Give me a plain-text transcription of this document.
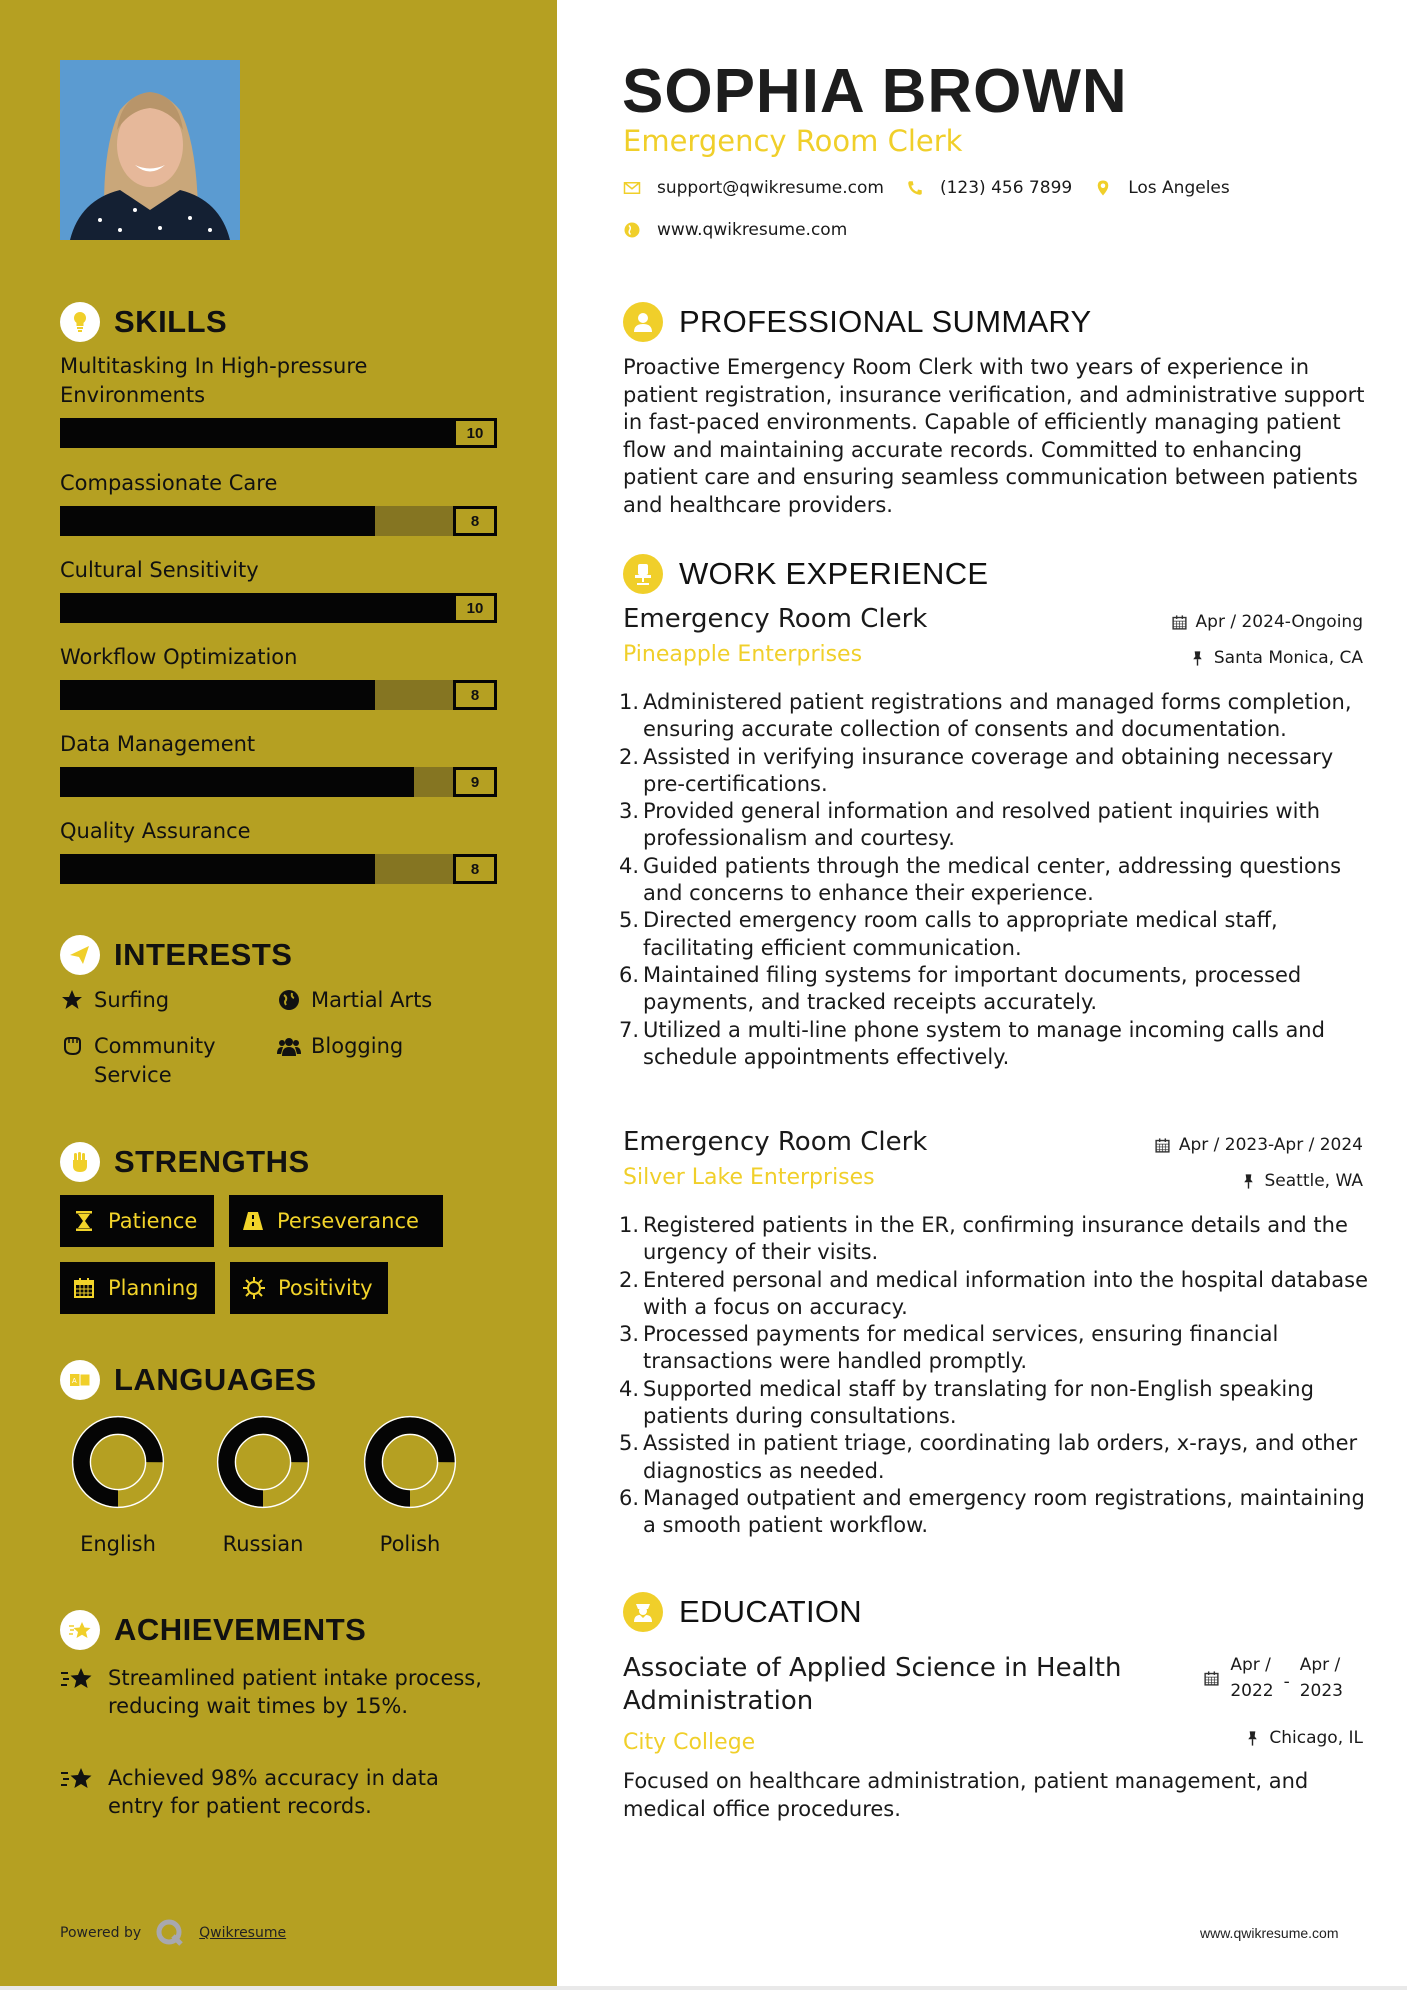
SKILLS
Multitasking In High-pressure Environments
10
Compassionate Care
8
Cultural Sensitivity
10
Workflow Optimization
8
Data Management
9
Quality Assurance
8
INTERESTS
Surfing	Martial Arts
Community Service
Blogging
STRENGTHS
Patience	Perseverance
Planning	Positivity
A LANGUAGES
English	Russian	Polish
ACHIEVEMENTS
Streamlined patient intake process, reducing wait times by 15%.
Achieved 98% accuracy in data entry for patient records.
Powered by	Qwikresume
SOPHIA BROWN
Emergency Room Clerk
support@qwikresume.com	(123) 456 7899	Los Angeles
www.qwikresume.com
PROFESSIONAL SUMMARY
Proactive Emergency Room Clerk with two years of experience in patient registration, insurance verification, and administrative support in fast-paced environments. Capable of efficiently managing patient flow and maintaining accurate records. Committed to enhancing patient care and ensuring seamless communication between patients and healthcare providers.
WORK EXPERIENCE
Emergency Room Clerk
Pineapple Enterprises
Apr / 2024-Ongoing
Santa Monica, CA
1. Administered patient registrations and managed forms completion, ensuring accurate collection of consents and documentation.
2. Assisted in verifying insurance coverage and obtaining necessary pre-certifications.
3. Provided general information and resolved patient inquiries with professionalism and courtesy.
4. Guided patients through the medical center, addressing questions and concerns to enhance their experience.
5. Directed emergency room calls to appropriate medical staff, facilitating efficient communication.
6. Maintained filing systems for important documents, processed payments, and tracked receipts accurately.
7. Utilized a multi-line phone system to manage incoming calls and schedule appointments effectively.
Emergency Room Clerk
Silver Lake Enterprises
Apr / 2023-Apr / 2024
Seattle, WA
1. Registered patients in the ER, confirming insurance details and the urgency of their visits.
2. Entered personal and medical information into the hospital database with a focus on accuracy.
3. Processed payments for medical services, ensuring financial transactions were handled promptly.
4. Supported medical staff by translating for non-English speaking patients during consultations.
5. Assisted in patient triage, coordinating lab orders, x-rays, and other diagnostics as needed.
6. Managed outpatient and emergency room registrations, maintaining a smooth patient workflow.
EDUCATION
Associate of Applied Science in Health Administration
City College
Apr /
2022 -
Apr /
2023
Chicago, IL
Focused on healthcare administration, patient management, and medical office procedures.
www.qwikresume.com
